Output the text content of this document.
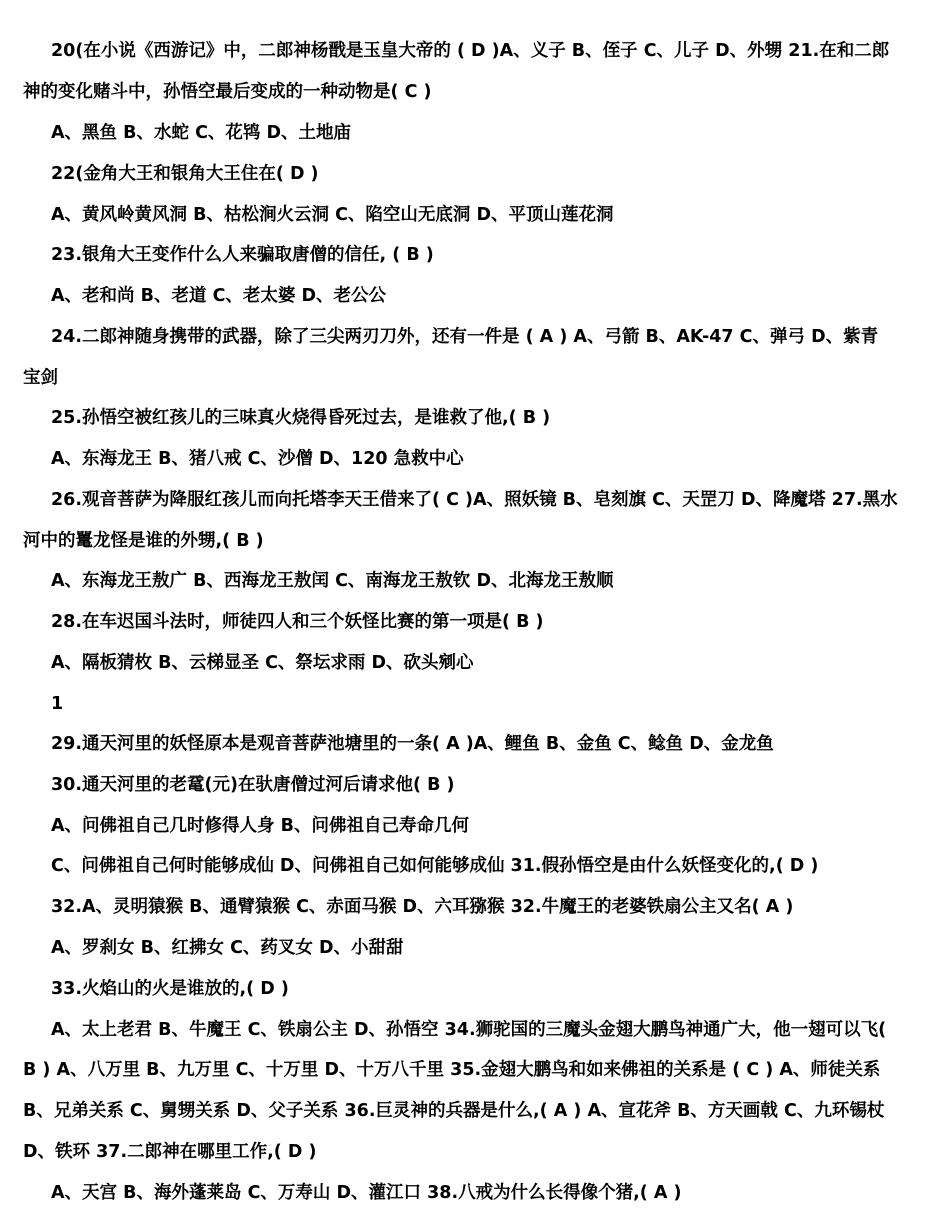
20(在小说《西游记》中，二郎神杨戬是玉皇大帝的 ( D )A、义子 B、侄子 C、儿子 D、外甥 21.在和二郎
神的变化赌斗中，孙悟空最后变成的一种动物是( C )
A、黑鱼 B、水蛇 C、花鸨 D、土地庙
22(金角大王和银角大王住在( D )
A、黄风岭黄风洞 B、枯松涧火云洞 C、陷空山无底洞 D、平顶山莲花洞
23.银角大王变作什么人来骗取唐僧的信任, ( B )
A、老和尚 B、老道 C、老太婆 D、老公公
24.二郎神随身携带的武器，除了三尖两刃刀外，还有一件是 ( A ) A、弓箭 B、AK-47 C、弹弓 D、紫青
宝剑
25.孙悟空被红孩儿的三味真火烧得昏死过去，是谁救了他,( B )
A、东海龙王 B、猪八戒 C、沙僧 D、120 急救中心
26.观音菩萨为降服红孩儿而向托塔李天王借来了( C )A、照妖镜 B、皂刻旗 C、天罡刀 D、降魔塔 27.黑水
河中的鼍龙怪是谁的外甥,( B )
A、东海龙王敖广 B、西海龙王敖闰 C、南海龙王敖钦 D、北海龙王敖顺
28.在车迟国斗法时，师徒四人和三个妖怪比赛的第一项是( B )
A、隔板猜枚 B、云梯显圣 C、祭坛求雨 D、砍头剜心
1
29.通天河里的妖怪原本是观音菩萨池塘里的一条( A )A、鲤鱼 B、金鱼 C、鲶鱼 D、金龙鱼
30.通天河里的老鼋(元)在驮唐僧过河后请求他( B )
A、问佛祖自己几时修得人身 B、问佛祖自己寿命几何
C、问佛祖自己何时能够成仙 D、问佛祖自己如何能够成仙 31.假孙悟空是由什么妖怪变化的,( D )
32.A、灵明猿猴 B、通臂猿猴 C、赤面马猴 D、六耳猕猴 32.牛魔王的老婆铁扇公主又名( A )
A、罗刹女 B、红拂女 C、药叉女 D、小甜甜
33.火焰山的火是谁放的,( D )
A、太上老君 B、牛魔王 C、铁扇公主 D、孙悟空 34.狮驼国的三魔头金翅大鹏鸟神通广大，他一翅可以飞(
B ) A、八万里 B、九万里 C、十万里 D、十万八千里 35.金翅大鹏鸟和如来佛祖的关系是 ( C ) A、师徒关系
B、兄弟关系 C、舅甥关系 D、父子关系 36.巨灵神的兵器是什么,( A ) A、宣花斧 B、方天画戟 C、九环锡杖
D、铁环 37.二郎神在哪里工作,( D )
A、天宫 B、海外蓬莱岛 C、万寿山 D、灌江口 38.八戒为什么长得像个猪,( A )
